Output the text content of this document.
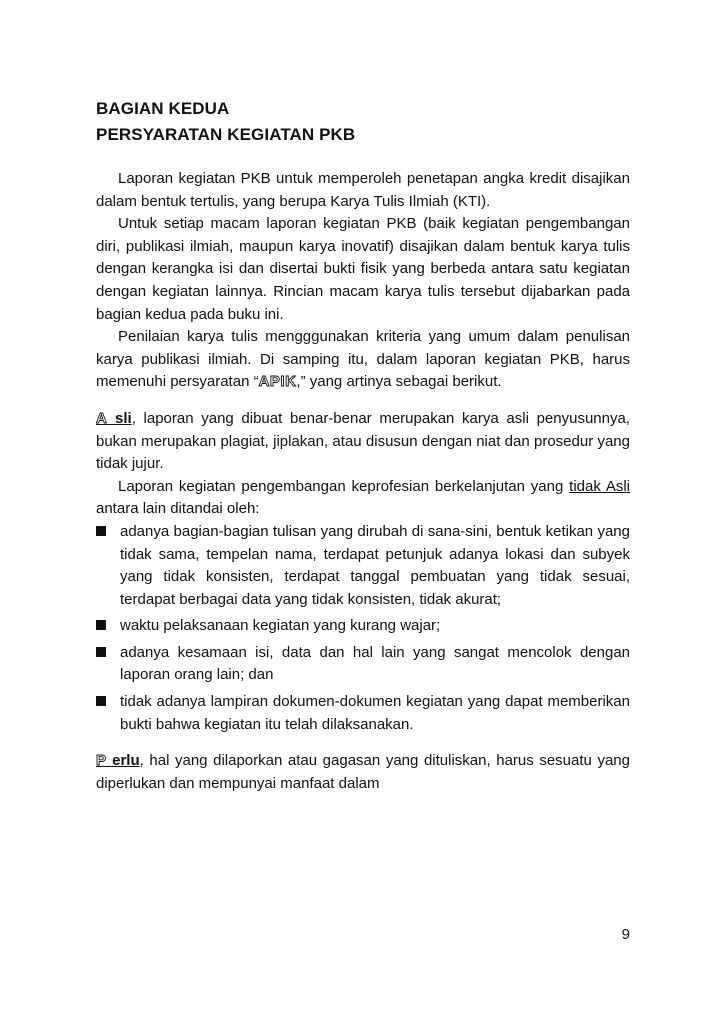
BAGIAN KEDUA

PERSYARATAN KEGIATAN PKB

Laporan kegiatan PKB untuk memperoleh penetapan angka kredit disajikan dalam bentuk tertulis, yang berupa Karya Tulis Ilmiah (KTI).

Untuk setiap macam laporan kegiatan PKB (baik kegiatan pengembangan diri, publikasi ilmiah, maupun karya inovatif) disajikan dalam bentuk karya tulis dengan kerangka isi dan disertai bukti fisik yang berbeda antara satu kegiatan dengan kegiatan lainnya. Rincian macam karya tulis tersebut dijabarkan pada bagian kedua pada buku ini.

Penilaian karya tulis mengggunakan kriteria yang umum dalam penulisan karya publikasi ilmiah. Di samping itu, dalam laporan kegiatan PKB, harus memenuhi persyaratan “APIK,” yang artinya sebagai berikut.

A sli, laporan yang dibuat benar-benar merupakan karya asli penyusunnya, bukan merupakan plagiat, jiplakan, atau disusun dengan niat dan prosedur yang tidak jujur.

Laporan kegiatan pengembangan keprofesian berkelanjutan yang tidak Asli antara lain ditandai oleh:

adanya bagian-bagian tulisan yang dirubah di sana-sini, bentuk ketikan yang tidak sama, tempelan nama, terdapat petunjuk adanya lokasi dan subyek yang tidak konsisten, terdapat tanggal pembuatan yang tidak sesuai, terdapat berbagai data yang tidak konsisten, tidak akurat;
waktu pelaksanaan kegiatan yang kurang wajar;
adanya kesamaan isi, data dan hal lain yang sangat mencolok dengan laporan orang lain; dan
tidak adanya lampiran dokumen-dokumen kegiatan yang dapat memberikan bukti bahwa kegiatan itu telah dilaksanakan.

P erlu, hal yang dilaporkan atau gagasan yang dituliskan, harus sesuatu yang diperlukan dan mempunyai manfaat dalam

9
